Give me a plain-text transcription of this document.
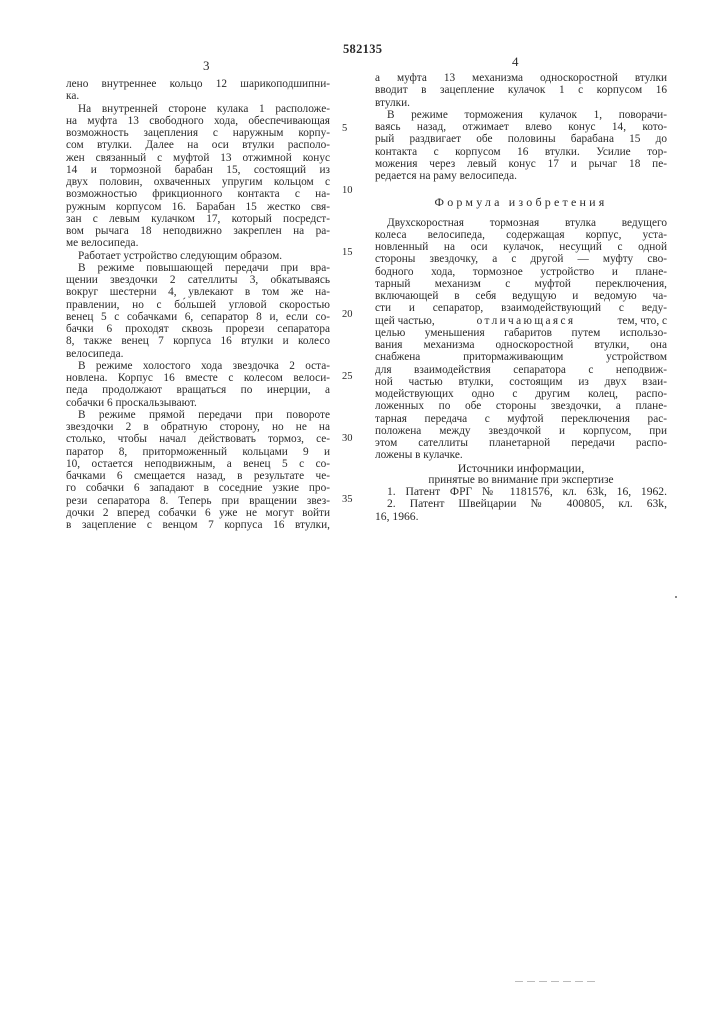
582135
3	4
лено внутреннее кольцо 12 шарикоподшипни-
ка.
На внутренней стороне кулака 1 расположе-
на муфта 13 свободного хода, обеспечивающая
возможность зацепления с наружным корпу-
сом втулки. Далее на оси втулки располо-
жен связанный с муфтой 13 отжимной конус
14 и тормозной барабан 15, состоящий из
двух половин, охваченных упругим кольцом с
возможностью фрикционного контакта с на-
ружным корпусом 16. Барабан 15 жестко свя-
зан с левым кулачком 17, который посредст-
вом рычага 18 неподвижно закреплен на ра-
ме велосипеда.
Работает устройство следующим образом.
В режиме повышающей передачи при вра-
щении звездочки 2 сателлиты 3, обкатываясь
вокруг шестерни 4, увлекают в том же на-
правлении, но с бо́льшей угловой скоростью
венец 5 с собачками 6, сепаратор 8 и, если со-
бачки 6 проходят сквозь прорези сепаратора
8, также венец 7 корпуса 16 втулки и колесо
велосипеда.
В режиме холостого хода звездочка 2 оста-
новлена. Корпус 16 вместе с колесом велоси-
педа продолжают вращаться по инерции, а
собачки 6 проскальзывают.
В режиме прямой передачи при повороте
звездочки 2 в обратную сторону, но не на
столько, чтобы начал действовать тормоз, се-
паратор 8, приторможенный кольцами 9 и
10, остается неподвижным, а венец 5 с со-
бачками 6 смещается назад, в результате че-
го собачки 6 западают в соседние узкие про-
рези сепаратора 8. Теперь при вращении звез-
дочки 2 вперед собачки 6 уже не могут войти
в зацепление с венцом 7 корпуса 16 втулки,
5
10
15
20
25
30
35
а муфта 13 механизма односкоростной втулки
вводит в зацепление кулачок 1 с корпусом 16
втулки.
В режиме торможения кулачок 1, поворачи-
ваясь назад, отжимает влево конус 14, кото-
рый раздвигает обе половины барабана 15 до
контакта с корпусом 16 втулки. Усилие тор-
можения через левый конус 17 и рычаг 18 пе-
редается на раму велосипеда.
Формула изобретения
Двухскоростная тормозная втулка ведущего
колеса велосипеда, содержащая корпус, уста-
новленный на оси кулачок, несущий с одной
стороны звездочку, а с другой — муфту сво-
бодного хода, тормозное устройство и плане-
тарный механизм с муфтой переключения,
включающей в себя ведущую и ведомую ча-
сти и сепаратор, взаимодействующий с веду-
щей частью,	отличающаяся	тем, что, с
целью уменьшения габаритов путем использо-
вания механизма односкоростной втулки, она
снабжена притормаживающим устройством
для взаимодействия сепаратора с неподвиж-
ной частью втулки, состоящим из двух взаи-
модействующих одно с другим колец, распо-
ложенных по обе стороны звездочки, а плане-
тарная передача с муфтой переключения рас-
положена между звездочкой и корпусом, при
этом сателлиты планетарной передачи распо-
ложены в кулачке.
Источники информации,
принятые во внимание при экспертизе
1. Патент ФРГ № 1181576, кл. 63k, 16, 1962.
2. Патент Швейцарии № 400805, кл. 63k,
16, 1966.
